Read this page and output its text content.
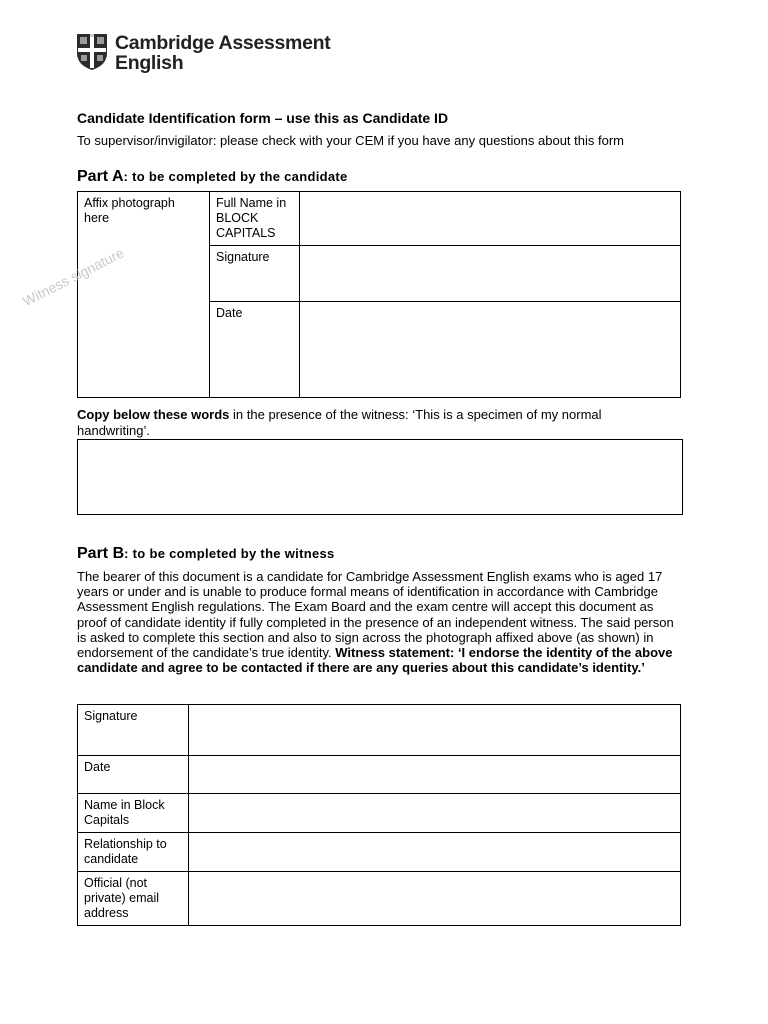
Cambridge Assessment
English
Candidate Identification form – use this as Candidate ID
To supervisor/invigilator: please check with your CEM if you have any questions about this form
Part A: to be completed by the candidate
Affix photograph here	Full Name in BLOCK CAPITALS	

	Signature	

	Date	
Witness signature
Copy below these words in the presence of the witness: ‘This is a specimen of my normal handwriting’.
Part B: to be completed by the witness
The bearer of this document is a candidate for Cambridge Assessment English exams who is aged 17 years or under and is unable to produce formal means of identification in accordance with Cambridge Assessment English regulations. The Exam Board and the exam centre will accept this document as proof of candidate identity if fully completed in the presence of an independent witness. The said person is asked to complete this section and also to sign across the photograph affixed above (as shown) in endorsement of the candidate’s true identity. Witness statement: ‘I endorse the identity of the above candidate and agree to be contacted if there are any queries about this candidate’s identity.’
Signature	

Date	

Name in Block Capitals	

Relationship to candidate	

Official (not private) email address	
